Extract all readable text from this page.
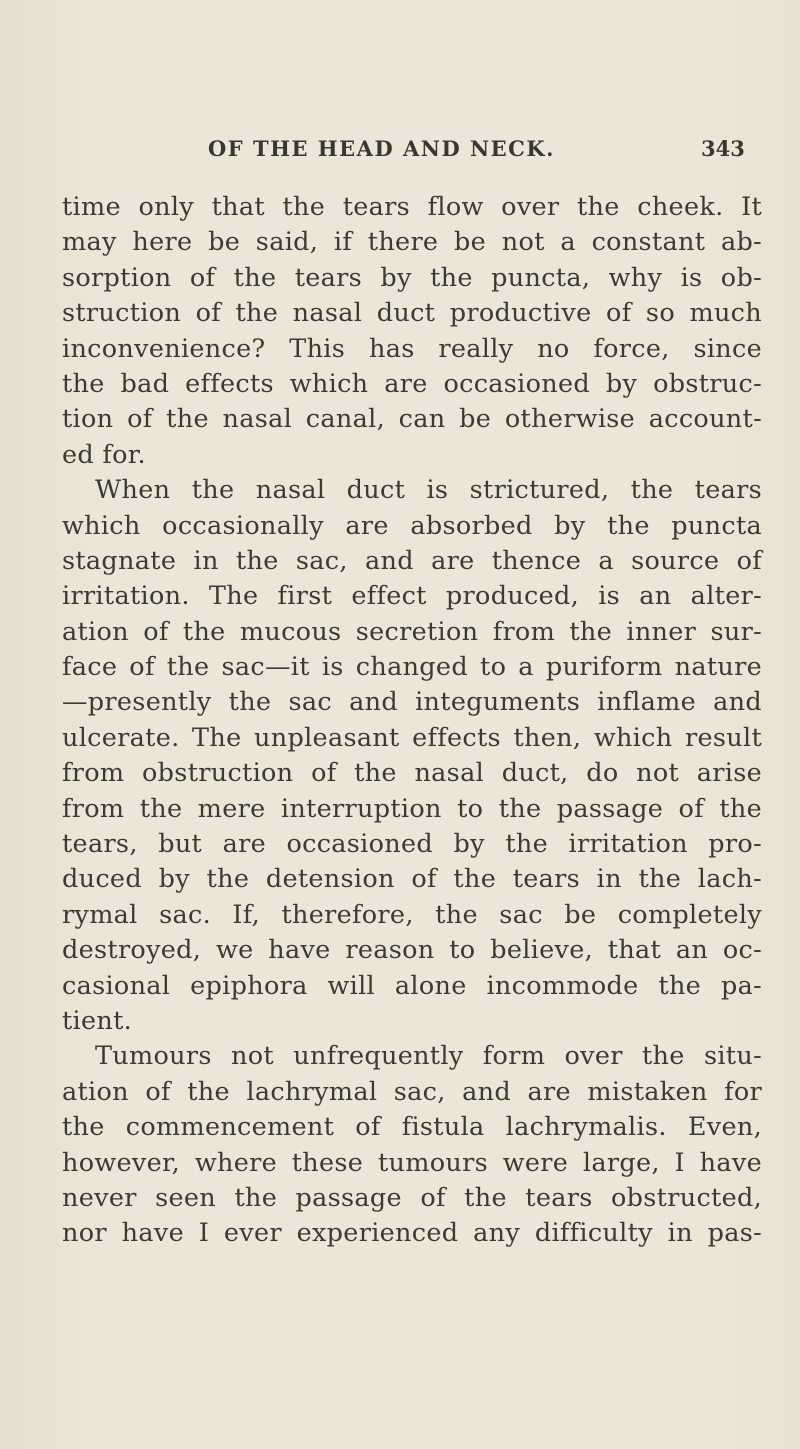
OF THE HEAD AND NECK.	343
time only that the tears flow over the cheek. It
may here be said, if there be not a constant ab-
sorption of the tears by the puncta, why is ob-
struction of the nasal duct productive of so much
inconvenience? This has really no force, since
the bad effects which are occasioned by obstruc-
tion of the nasal canal, can be otherwise account-
ed for.
When the nasal duct is strictured, the tears
which occasionally are absorbed by the puncta
stagnate in the sac, and are thence a source of
irritation. The first effect produced, is an alter-
ation of the mucous secretion from the inner sur-
face of the sac—it is changed to a puriform nature
—presently the sac and integuments inflame and
ulcerate. The unpleasant effects then, which result
from obstruction of the nasal duct, do not arise
from the mere interruption to the passage of the
tears, but are occasioned by the irritation pro-
duced by the detension of the tears in the lach-
rymal sac. If, therefore, the sac be completely
destroyed, we have reason to believe, that an oc-
casional epiphora will alone incommode the pa-
tient.
Tumours not unfrequently form over the situ-
ation of the lachrymal sac, and are mistaken for
the commencement of fistula lachrymalis. Even,
however, where these tumours were large, I have
never seen the passage of the tears obstructed,
nor have I ever experienced any difficulty in pas-
